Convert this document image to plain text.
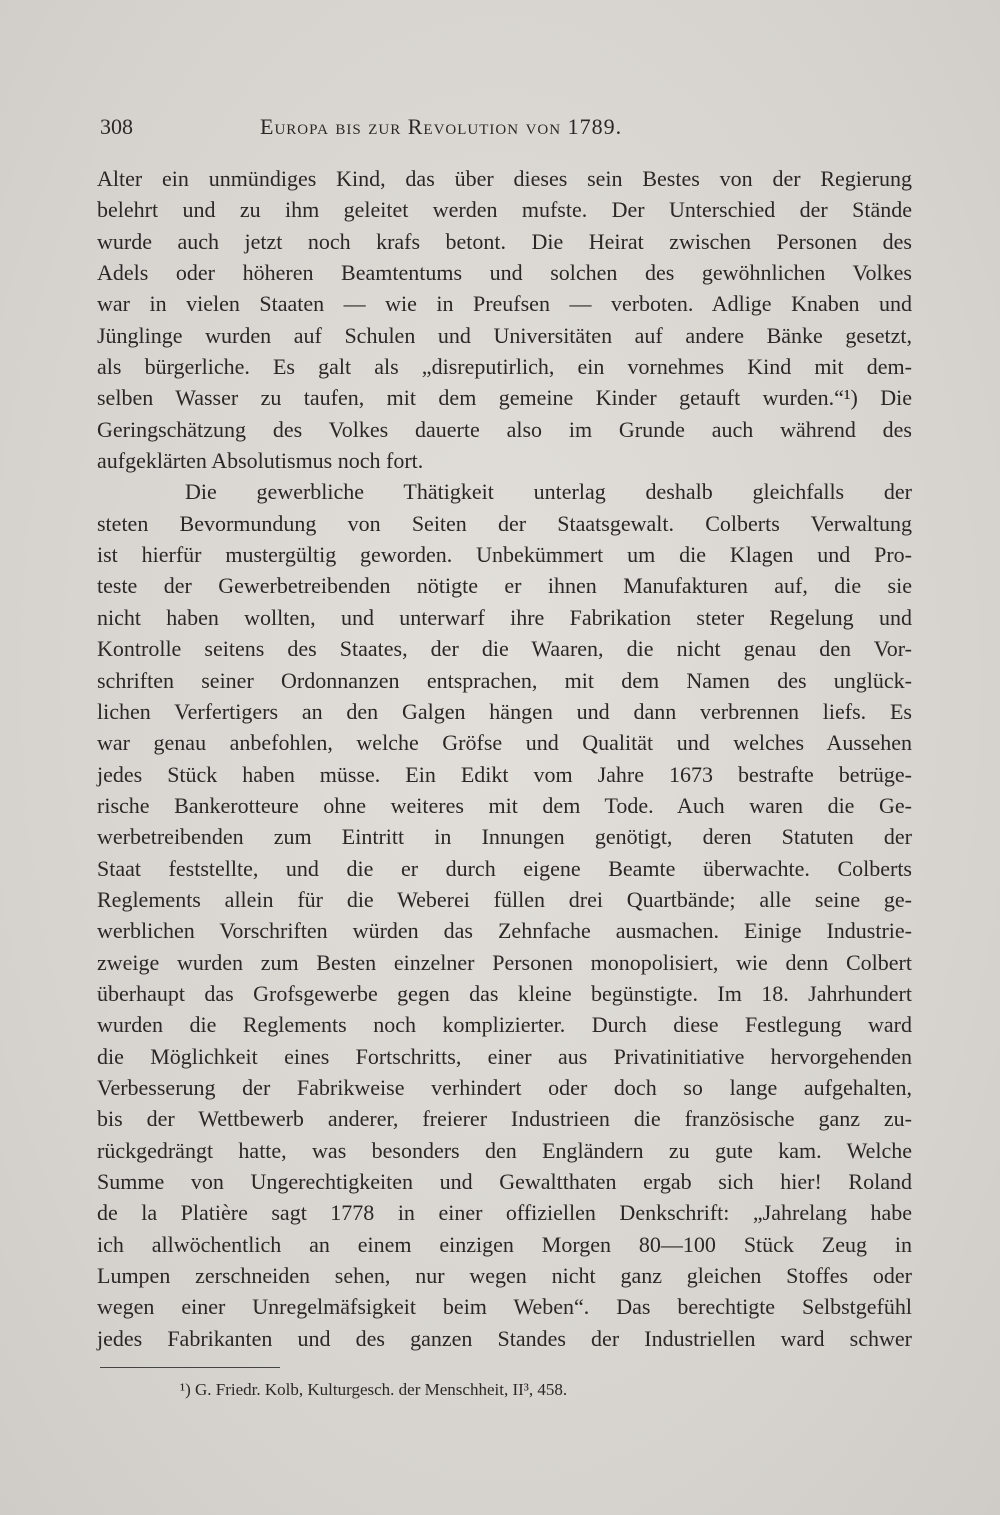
308	Europa bis zur Revolution von 1789.
Alter ein unmündiges Kind, das über dieses sein Bestes von der Regierung
belehrt und zu ihm geleitet werden mufste. Der Unterschied der Stände
wurde auch jetzt noch krafs betont. Die Heirat zwischen Personen des
Adels oder höheren Beamtentums und solchen des gewöhnlichen Volkes
war in vielen Staaten — wie in Preufsen — verboten. Adlige Knaben und
Jünglinge wurden auf Schulen und Universitäten auf andere Bänke gesetzt,
als bürgerliche. Es galt als „disreputirlich, ein vornehmes Kind mit dem-
selben Wasser zu taufen, mit dem gemeine Kinder getauft wurden.“¹) Die
Geringschätzung des Volkes dauerte also im Grunde auch während des
aufgeklärten Absolutismus noch fort.
Die gewerbliche Thätigkeit unterlag deshalb gleichfalls der
steten Bevormundung von Seiten der Staatsgewalt. Colberts Verwaltung
ist hierfür mustergültig geworden. Unbekümmert um die Klagen und Pro-
teste der Gewerbetreibenden nötigte er ihnen Manufakturen auf, die sie
nicht haben wollten, und unterwarf ihre Fabrikation steter Regelung und
Kontrolle seitens des Staates, der die Waaren, die nicht genau den Vor-
schriften seiner Ordonnanzen entsprachen, mit dem Namen des unglück-
lichen Verfertigers an den Galgen hängen und dann verbrennen liefs. Es
war genau anbefohlen, welche Gröfse und Qualität und welches Aussehen
jedes Stück haben müsse. Ein Edikt vom Jahre 1673 bestrafte betrüge-
rische Bankerotteure ohne weiteres mit dem Tode. Auch waren die Ge-
werbetreibenden zum Eintritt in Innungen genötigt, deren Statuten der
Staat feststellte, und die er durch eigene Beamte überwachte. Colberts
Reglements allein für die Weberei füllen drei Quartbände; alle seine ge-
werblichen Vorschriften würden das Zehnfache ausmachen. Einige Industrie-
zweige wurden zum Besten einzelner Personen monopolisiert, wie denn Colbert
überhaupt das Grofsgewerbe gegen das kleine begünstigte. Im 18. Jahrhundert
wurden die Reglements noch komplizierter. Durch diese Festlegung ward
die Möglichkeit eines Fortschritts, einer aus Privatinitiative hervorgehenden
Verbesserung der Fabrikweise verhindert oder doch so lange aufgehalten,
bis der Wettbewerb anderer, freierer Industrieen die französische ganz zu-
rückgedrängt hatte, was besonders den Engländern zu gute kam. Welche
Summe von Ungerechtigkeiten und Gewaltthaten ergab sich hier! Roland
de la Platière sagt 1778 in einer offiziellen Denkschrift: „Jahrelang habe
ich allwöchentlich an einem einzigen Morgen 80—100 Stück Zeug in
Lumpen zerschneiden sehen, nur wegen nicht ganz gleichen Stoffes oder
wegen einer Unregelmäfsigkeit beim Weben“. Das berechtigte Selbstgefühl
jedes Fabrikanten und des ganzen Standes der Industriellen ward schwer
¹) G. Friedr. Kolb, Kulturgesch. der Menschheit, II³, 458.
